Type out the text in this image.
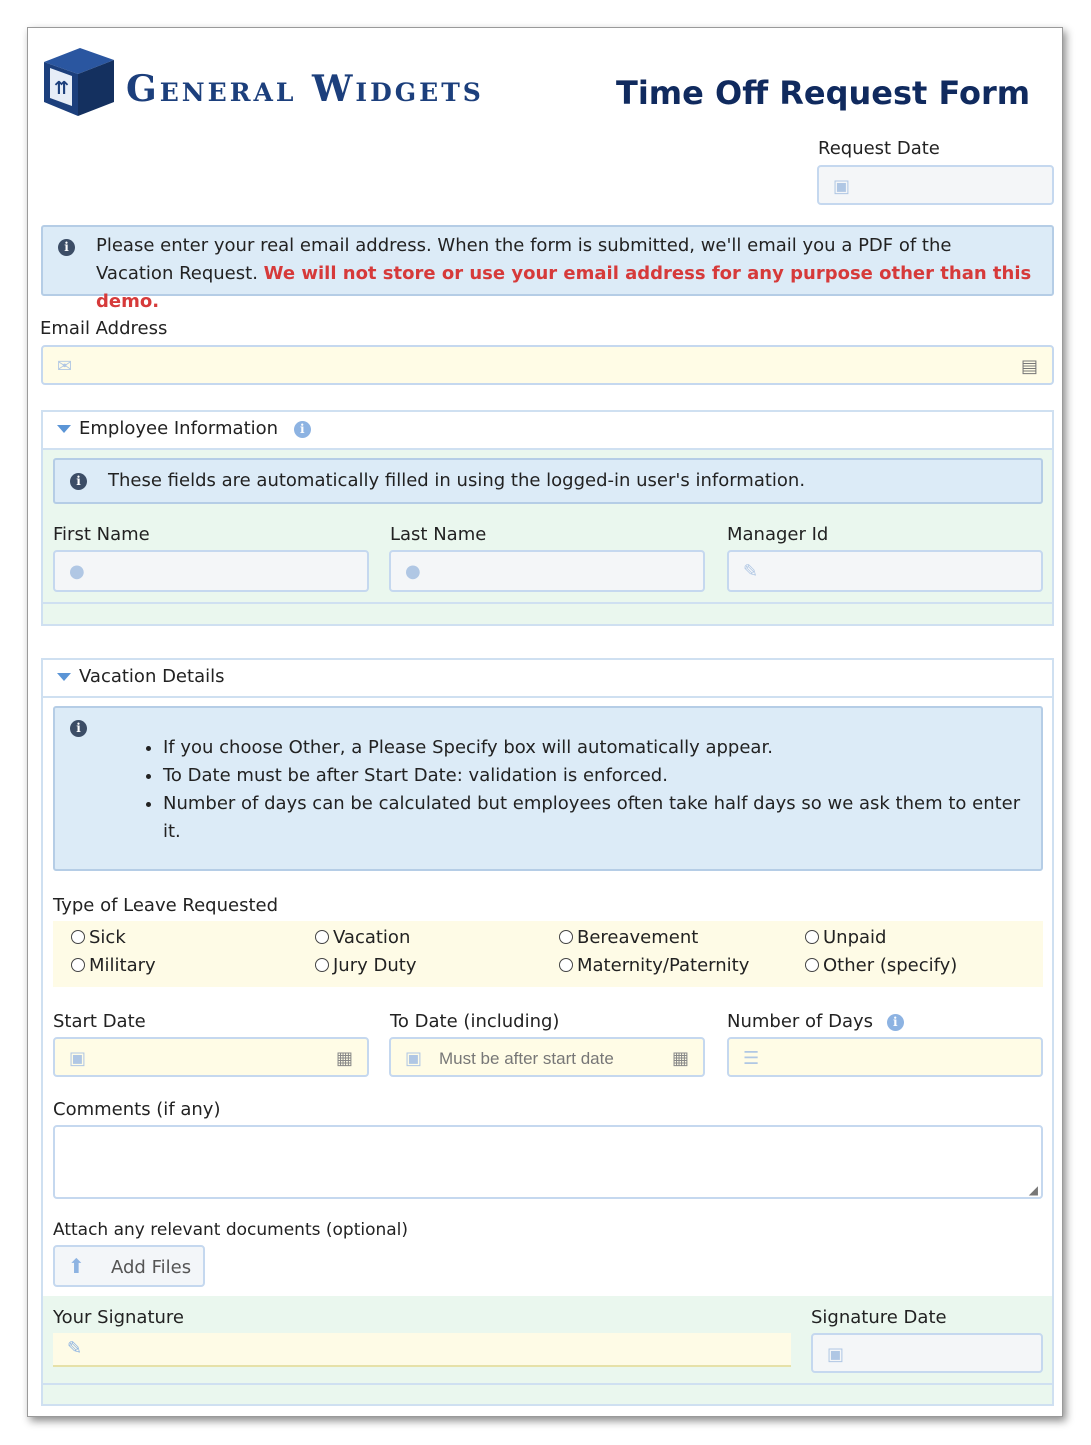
⇈ General Widgets	Time Off Request Form
Request Date
▣
i	Please enter your real email address. When the form is submitted, we'll email you a PDF of the Vacation Request. We will not store or use your email address for any purpose other than this demo.
Email Address
✉	▤
Employee Information i
i	These fields are automatically filled in using the logged-in user's information.
First Name
●
Last Name
●
Manager Id
✎
Vacation Details
i
• If you choose Other, a Please Specify box will automatically appear.
• To Date must be after Start Date: validation is enforced.
• Number of days can be calculated but employees often take half days so we ask them to enter it.
Type of Leave Requested
Sick	Vacation	Bereavement	Unpaid
Military	Jury Duty	Maternity/Paternity	Other (specify)
Start Date
▣	▦
To Date (including)
▣ Must be after start date	▦
Number of Days i
☰
Comments (if any)
◢
Attach any relevant documents (optional)
⬆ Add Files
Your Signature
✎
Signature Date
▣
